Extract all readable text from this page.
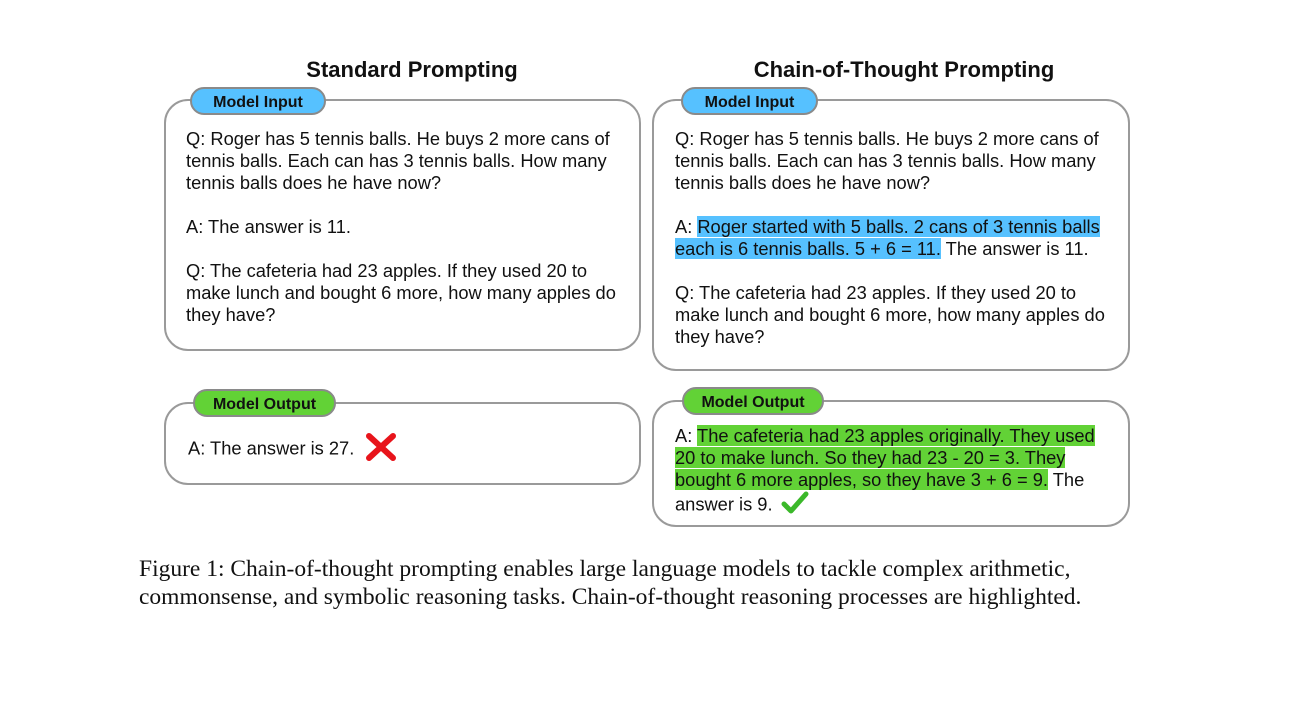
Standard Prompting	Chain-of-Thought Prompting
Model Input

Q: Roger has 5 tennis balls. He buys 2 more cans of tennis balls. Each can has 3 tennis balls. How many tennis balls does he have now?

A: The answer is 11.

Q: The cafeteria had 23 apples. If they used 20 to make lunch and bought 6 more, how many apples do they have?

Model Output
A: The answer is 27.
Model Input

Q: Roger has 5 tennis balls. He buys 2 more cans of tennis balls. Each can has 3 tennis balls. How many tennis balls does he have now?

A: Roger started with 5 balls. 2 cans of 3 tennis balls each is 6 tennis balls. 5 + 6 = 11. The answer is 11.

Q: The cafeteria had 23 apples. If they used 20 to make lunch and bought 6 more, how many apples do they have?

Model Output

A: The cafeteria had 23 apples originally. They used 20 to make lunch. So they had 23 - 20 = 3. They bought 6 more apples, so they have 3 + 6 = 9. The answer is 9.

Figure 1: Chain-of-thought prompting enables large language models to tackle complex arithmetic, commonsense, and symbolic reasoning tasks. Chain-of-thought reasoning processes are highlighted.
